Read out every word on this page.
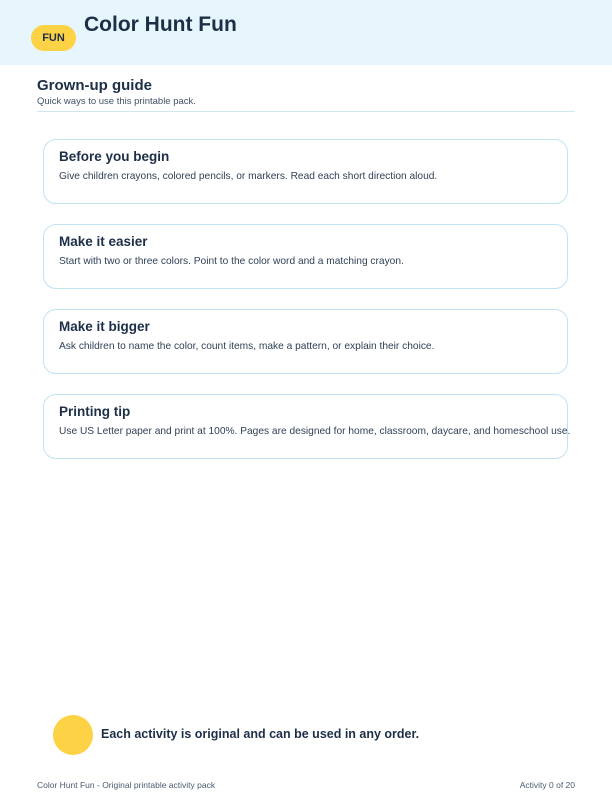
FUN
Color Hunt Fun
Grown-up guide
Quick ways to use this printable pack.
Before you begin
Give children crayons, colored pencils, or markers. Read each short direction aloud.
Make it easier
Start with two or three colors. Point to the color word and a matching crayon.
Make it bigger
Ask children to name the color, count items, make a pattern, or explain their choice.
Printing tip
Use US Letter paper and print at 100%. Pages are designed for home, classroom, daycare, and homeschool use.
Each activity is original and can be used in any order.
Color Hunt Fun - Original printable activity pack	Activity 0 of 20
